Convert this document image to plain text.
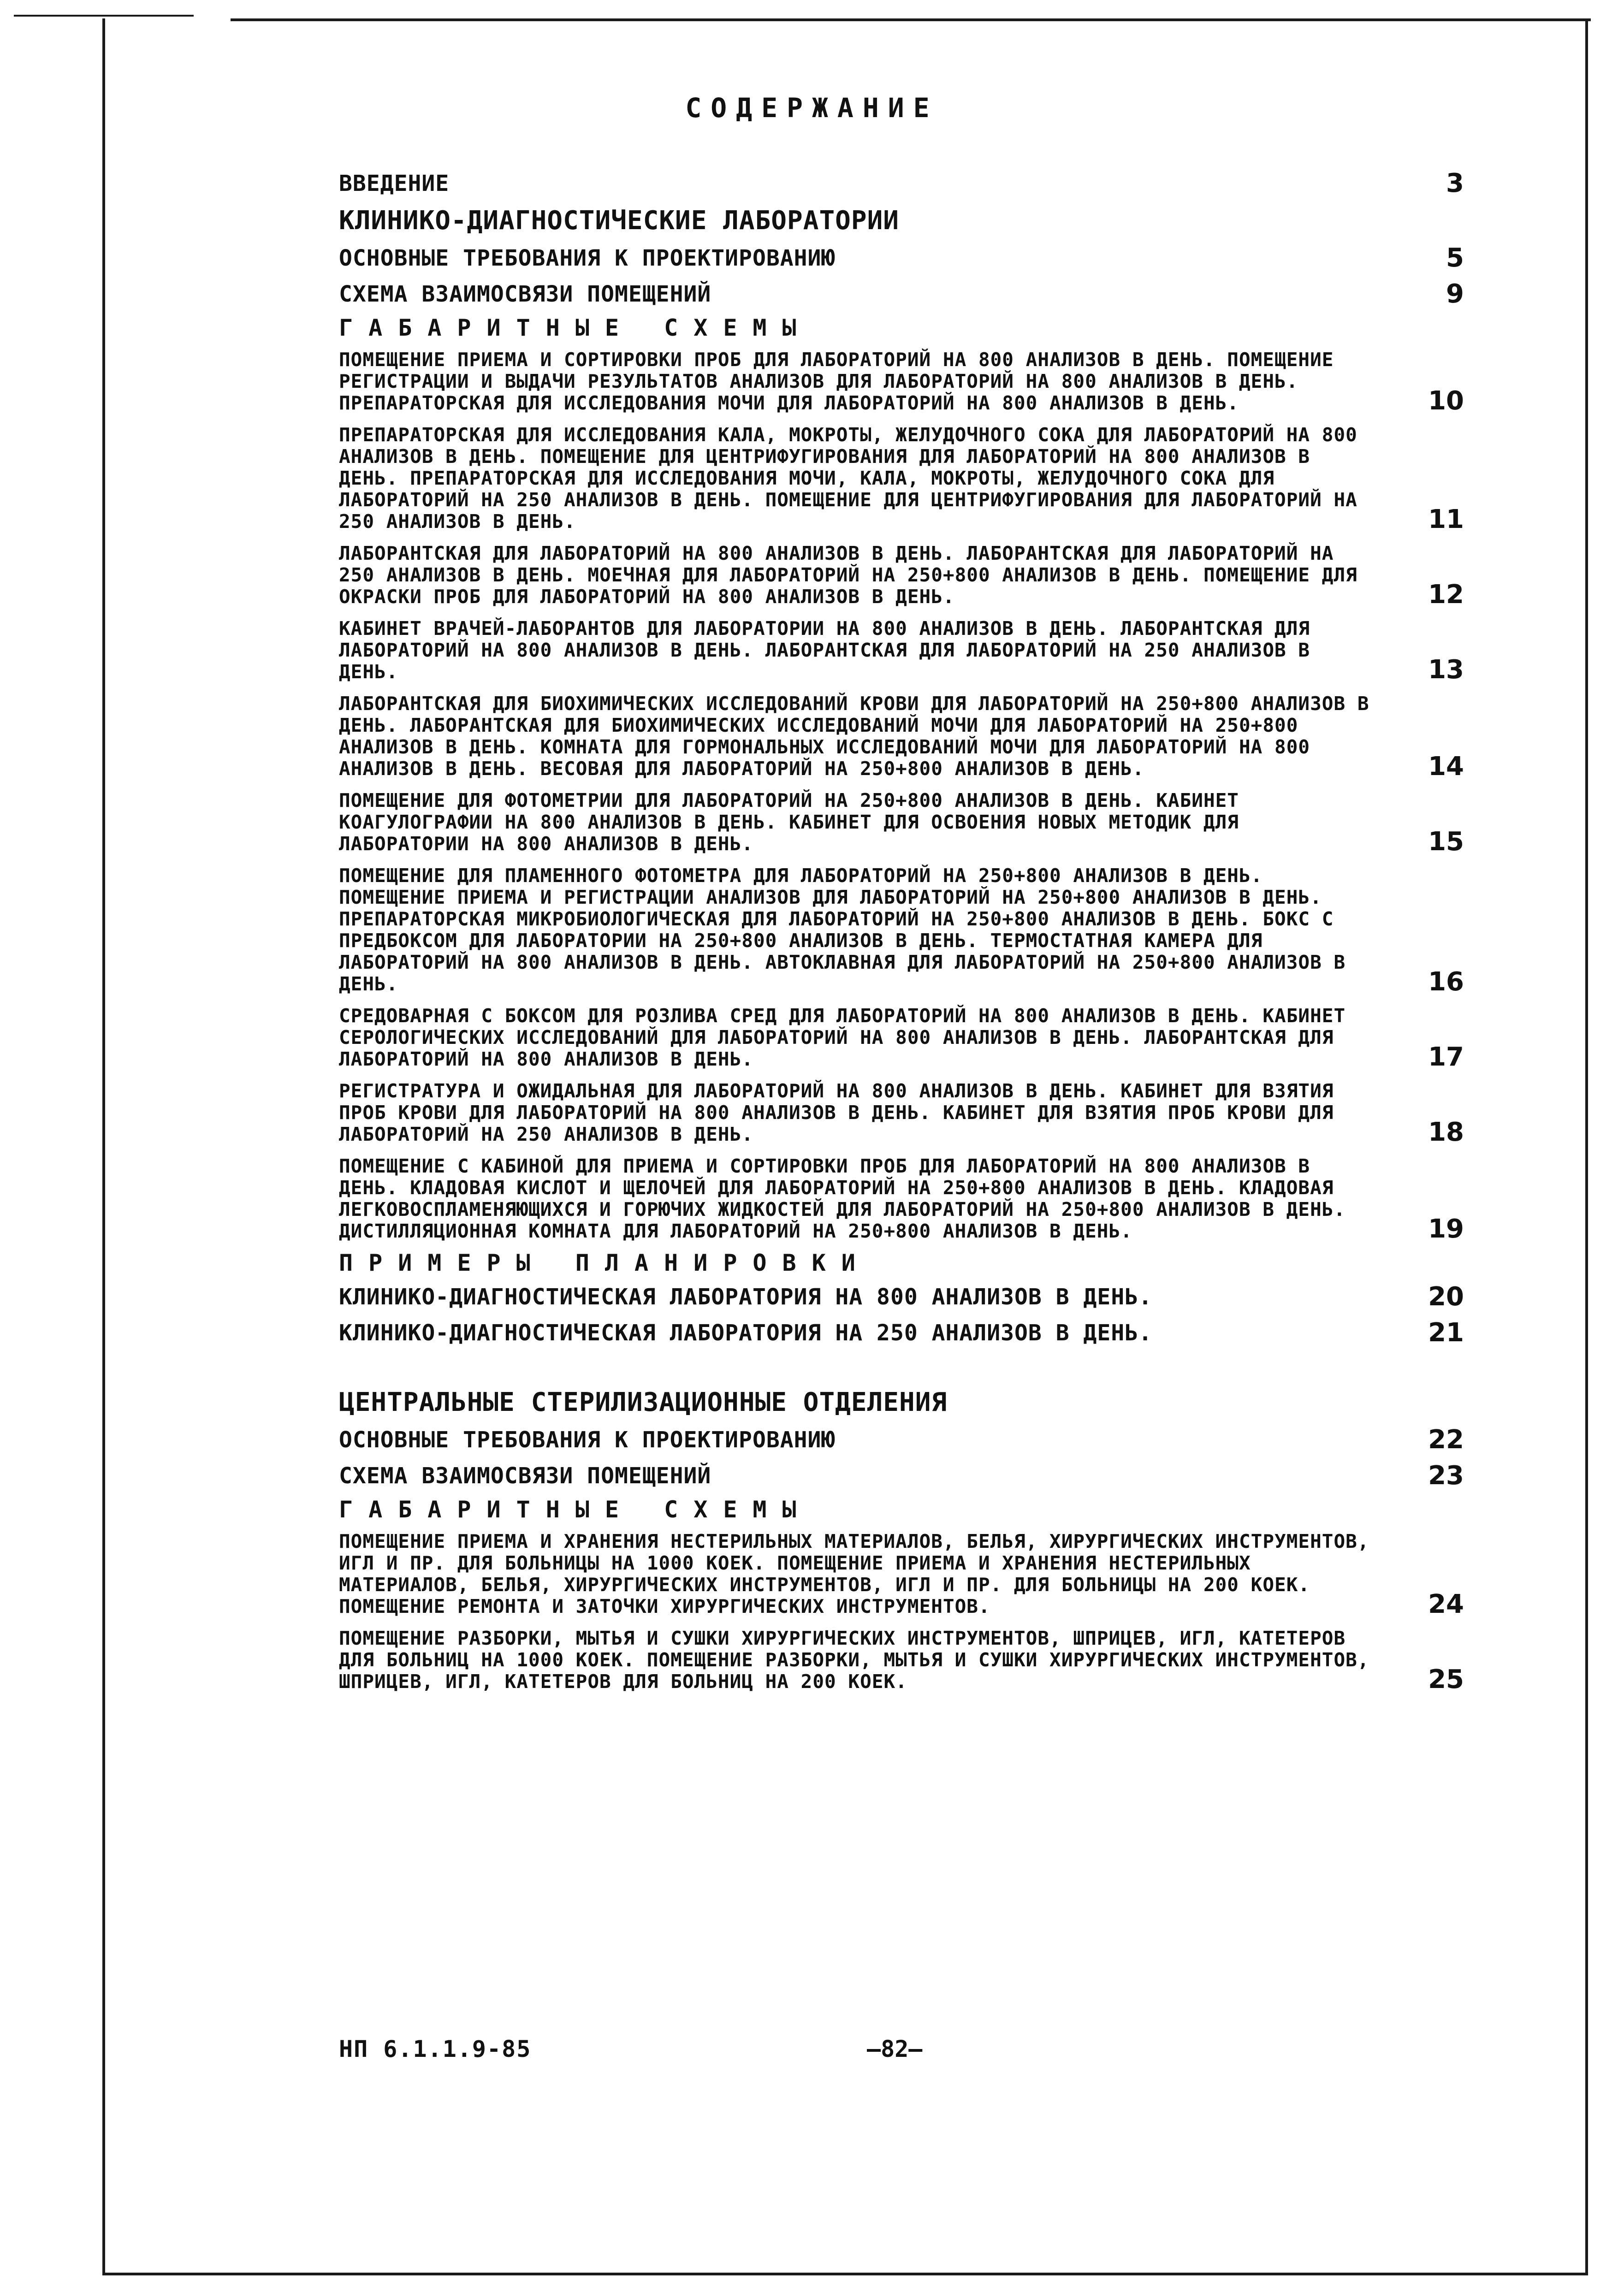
СОДЕРЖАНИЕ
ВВЕДЕНИЕ	3
КЛИНИКО-ДИАГНОСТИЧЕСКИЕ ЛАБОРАТОРИИ
ОСНОВНЫЕ ТРЕБОВАНИЯ К ПРОЕКТИРОВАНИЮ	5
СХЕМА ВЗАИМОСВЯЗИ ПОМЕЩЕНИЙ	9
ГАБАРИТНЫЕ СХЕМЫ
ПОМЕЩЕНИЕ ПРИЕМА И СОРТИРОВКИ ПРОБ ДЛЯ ЛАБОРАТОРИЙ НА 800 АНАЛИЗОВ В ДЕНЬ. ПОМЕЩЕНИЕ РЕГИСТРАЦИИ И ВЫДАЧИ РЕЗУЛЬТАТОВ АНАЛИЗОВ ДЛЯ ЛАБОРАТОРИЙ НА 800 АНАЛИЗОВ В ДЕНЬ. ПРЕПАРАТОРСКАЯ ДЛЯ ИССЛЕДОВАНИЯ МОЧИ ДЛЯ ЛАБОРАТОРИЙ НА 800 АНАЛИЗОВ В ДЕНЬ.	10
ПРЕПАРАТОРСКАЯ ДЛЯ ИССЛЕДОВАНИЯ КАЛА, МОКРОТЫ, ЖЕЛУДОЧНОГО СОКА ДЛЯ ЛАБОРАТОРИЙ НА 800 АНАЛИЗОВ В ДЕНЬ. ПОМЕЩЕНИЕ ДЛЯ ЦЕНТРИФУГИРОВАНИЯ ДЛЯ ЛАБОРАТОРИЙ НА 800 АНАЛИЗОВ В ДЕНЬ. ПРЕПАРАТОРСКАЯ ДЛЯ ИССЛЕДОВАНИЯ МОЧИ, КАЛА, МОКРОТЫ, ЖЕЛУДОЧНОГО СОКА ДЛЯ ЛАБОРАТОРИЙ НА 250 АНАЛИЗОВ В ДЕНЬ. ПОМЕЩЕНИЕ ДЛЯ ЦЕНТРИФУГИРОВАНИЯ ДЛЯ ЛАБОРАТОРИЙ НА 250 АНАЛИЗОВ В ДЕНЬ.	11
ЛАБОРАНТСКАЯ ДЛЯ ЛАБОРАТОРИЙ НА 800 АНАЛИЗОВ В ДЕНЬ. ЛАБОРАНТСКАЯ ДЛЯ ЛАБОРАТОРИЙ НА 250 АНАЛИЗОВ В ДЕНЬ. МОЕЧНАЯ ДЛЯ ЛАБОРАТОРИЙ НА 250+800 АНАЛИЗОВ В ДЕНЬ. ПОМЕЩЕНИЕ ДЛЯ ОКРАСКИ ПРОБ ДЛЯ ЛАБОРАТОРИЙ НА 800 АНАЛИЗОВ В ДЕНЬ.	12
КАБИНЕТ ВРАЧЕЙ-ЛАБОРАНТОВ ДЛЯ ЛАБОРАТОРИИ НА 800 АНАЛИЗОВ В ДЕНЬ. ЛАБОРАНТСКАЯ ДЛЯ ЛАБОРАТОРИЙ НА 800 АНАЛИЗОВ В ДЕНЬ. ЛАБОРАНТСКАЯ ДЛЯ ЛАБОРАТОРИЙ НА 250 АНАЛИЗОВ В ДЕНЬ.	13
ЛАБОРАНТСКАЯ ДЛЯ БИОХИМИЧЕСКИХ ИССЛЕДОВАНИЙ КРОВИ ДЛЯ ЛАБОРАТОРИЙ НА 250+800 АНАЛИЗОВ В ДЕНЬ. ЛАБОРАНТСКАЯ ДЛЯ БИОХИМИЧЕСКИХ ИССЛЕДОВАНИЙ МОЧИ ДЛЯ ЛАБОРАТОРИЙ НА 250+800 АНАЛИЗОВ В ДЕНЬ. КОМНАТА ДЛЯ ГОРМОНАЛЬНЫХ ИССЛЕДОВАНИЙ МОЧИ ДЛЯ ЛАБОРАТОРИЙ НА 800 АНАЛИЗОВ В ДЕНЬ. ВЕСОВАЯ ДЛЯ ЛАБОРАТОРИЙ НА 250+800 АНАЛИЗОВ В ДЕНЬ.	14
ПОМЕЩЕНИЕ ДЛЯ ФОТОМЕТРИИ ДЛЯ ЛАБОРАТОРИЙ НА 250+800 АНАЛИЗОВ В ДЕНЬ. КАБИНЕТ КОАГУЛОГРАФИИ НА 800 АНАЛИЗОВ В ДЕНЬ. КАБИНЕТ ДЛЯ ОСВОЕНИЯ НОВЫХ МЕТОДИК ДЛЯ ЛАБОРАТОРИИ НА 800 АНАЛИЗОВ В ДЕНЬ.	15
ПОМЕЩЕНИЕ ДЛЯ ПЛАМЕННОГО ФОТОМЕТРА ДЛЯ ЛАБОРАТОРИЙ НА 250+800 АНАЛИЗОВ В ДЕНЬ. ПОМЕЩЕНИЕ ПРИЕМА И РЕГИСТРАЦИИ АНАЛИЗОВ ДЛЯ ЛАБОРАТОРИЙ НА 250+800 АНАЛИЗОВ В ДЕНЬ. ПРЕПАРАТОРСКАЯ МИКРОБИОЛОГИЧЕСКАЯ ДЛЯ ЛАБОРАТОРИЙ НА 250+800 АНАЛИЗОВ В ДЕНЬ. БОКС С ПРЕДБОКСОМ ДЛЯ ЛАБОРАТОРИИ НА 250+800 АНАЛИЗОВ В ДЕНЬ. ТЕРМОСТАТНАЯ КАМЕРА ДЛЯ ЛАБОРАТОРИЙ НА 800 АНАЛИЗОВ В ДЕНЬ. АВТОКЛАВНАЯ ДЛЯ ЛАБОРАТОРИЙ НА 250+800 АНАЛИЗОВ В ДЕНЬ.	16
СРЕДОВАРНАЯ С БОКСОМ ДЛЯ РОЗЛИВА СРЕД ДЛЯ ЛАБОРАТОРИЙ НА 800 АНАЛИЗОВ В ДЕНЬ. КАБИНЕТ СЕРОЛОГИЧЕСКИХ ИССЛЕДОВАНИЙ ДЛЯ ЛАБОРАТОРИЙ НА 800 АНАЛИЗОВ В ДЕНЬ. ЛАБОРАНТСКАЯ ДЛЯ ЛАБОРАТОРИЙ НА 800 АНАЛИЗОВ В ДЕНЬ.	17
РЕГИСТРАТУРА И ОЖИДАЛЬНАЯ ДЛЯ ЛАБОРАТОРИЙ НА 800 АНАЛИЗОВ В ДЕНЬ. КАБИНЕТ ДЛЯ ВЗЯТИЯ ПРОБ КРОВИ ДЛЯ ЛАБОРАТОРИЙ НА 800 АНАЛИЗОВ В ДЕНЬ. КАБИНЕТ ДЛЯ ВЗЯТИЯ ПРОБ КРОВИ ДЛЯ ЛАБОРАТОРИЙ НА 250 АНАЛИЗОВ В ДЕНЬ.	18
ПОМЕЩЕНИЕ С КАБИНОЙ ДЛЯ ПРИЕМА И СОРТИРОВКИ ПРОБ ДЛЯ ЛАБОРАТОРИЙ НА 800 АНАЛИЗОВ В ДЕНЬ. КЛАДОВАЯ КИСЛОТ И ЩЕЛОЧЕЙ ДЛЯ ЛАБОРАТОРИЙ НА 250+800 АНАЛИЗОВ В ДЕНЬ. КЛАДОВАЯ ЛЕГКОВОСПЛАМЕНЯЮЩИХСЯ И ГОРЮЧИХ ЖИДКОСТЕЙ ДЛЯ ЛАБОРАТОРИЙ НА 250+800 АНАЛИЗОВ В ДЕНЬ. ДИСТИЛЛЯЦИОННАЯ КОМНАТА ДЛЯ ЛАБОРАТОРИЙ НА 250+800 АНАЛИЗОВ В ДЕНЬ.	19
ПРИМЕРЫ ПЛАНИРОВКИ
КЛИНИКО-ДИАГНОСТИЧЕСКАЯ ЛАБОРАТОРИЯ НА 800 АНАЛИЗОВ В ДЕНЬ.	20
КЛИНИКО-ДИАГНОСТИЧЕСКАЯ ЛАБОРАТОРИЯ НА 250 АНАЛИЗОВ В ДЕНЬ.	21
ЦЕНТРАЛЬНЫЕ СТЕРИЛИЗАЦИОННЫЕ ОТДЕЛЕНИЯ
ОСНОВНЫЕ ТРЕБОВАНИЯ К ПРОЕКТИРОВАНИЮ	22
СХЕМА ВЗАИМОСВЯЗИ ПОМЕЩЕНИЙ	23
ГАБАРИТНЫЕ СХЕМЫ
ПОМЕЩЕНИЕ ПРИЕМА И ХРАНЕНИЯ НЕСТЕРИЛЬНЫХ МАТЕРИАЛОВ, БЕЛЬЯ, ХИРУРГИЧЕСКИХ ИНСТРУМЕНТОВ, ИГЛ И ПР. ДЛЯ БОЛЬНИЦЫ НА 1000 КОЕК. ПОМЕЩЕНИЕ ПРИЕМА И ХРАНЕНИЯ НЕСТЕРИЛЬНЫХ МАТЕРИАЛОВ, БЕЛЬЯ, ХИРУРГИЧЕСКИХ ИНСТРУМЕНТОВ, ИГЛ И ПР. ДЛЯ БОЛЬНИЦЫ НА 200 КОЕК. ПОМЕЩЕНИЕ РЕМОНТА И ЗАТОЧКИ ХИРУРГИЧЕСКИХ ИНСТРУМЕНТОВ.	24
ПОМЕЩЕНИЕ РАЗБОРКИ, МЫТЬЯ И СУШКИ ХИРУРГИЧЕСКИХ ИНСТРУМЕНТОВ, ШПРИЦЕВ, ИГЛ, КАТЕТЕРОВ ДЛЯ БОЛЬНИЦ НА 1000 КОЕК. ПОМЕЩЕНИЕ РАЗБОРКИ, МЫТЬЯ И СУШКИ ХИРУРГИЧЕСКИХ ИНСТРУМЕНТОВ, ШПРИЦЕВ, ИГЛ, КАТЕТЕРОВ ДЛЯ БОЛЬНИЦ НА 200 КОЕК.	25
НП 6.1.1.9-85	—82—
